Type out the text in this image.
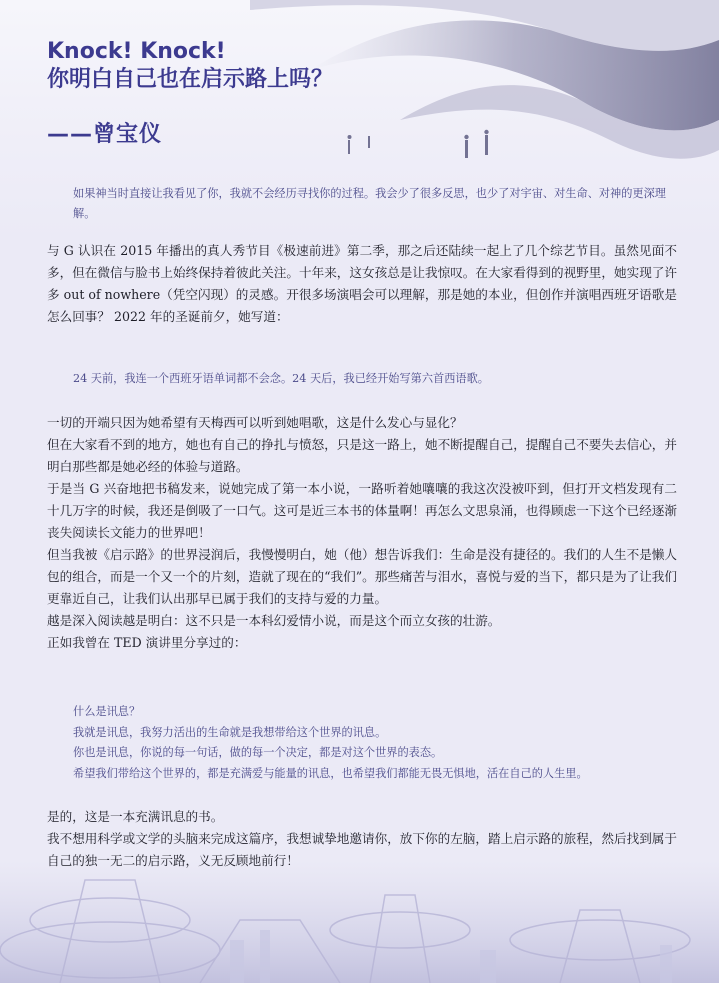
Knock! Knock!

你明白自己也在启示路上吗？

——曾宝仪
如果神当时直接让我看见了你，我就不会经历寻找你的过程。我会少了很多反思，也少了对宇宙、对生命、对神的更深理解。

与 G 认识在 2015 年播出的真人秀节目《极速前进》第二季，那之后还陆续一起上了几个综艺节目。虽然见面不多，但在微信与脸书上始终保持着彼此关注。十年来，这女孩总是让我惊叹。在大家看得到的视野里，她实现了许多 out of nowhere（凭空闪现）的灵感。开很多场演唱会可以理解，那是她的本业，但创作并演唱西班牙语歌是怎么回事？ 2022 年的圣诞前夕，她写道：

24 天前，我连一个西班牙语单词都不会念。24 天后，我已经开始写第六首西语歌。

一切的开端只因为她希望有天梅西可以听到她唱歌，这是什么发心与显化？

但在大家看不到的地方，她也有自己的挣扎与愤怒，只是这一路上，她不断提醒自己，提醒自己不要失去信心，并明白那些都是她必经的体验与道路。

于是当 G 兴奋地把书稿发来，说她完成了第一本小说，一路听着她嚷嚷的我这次没被吓到，但打开文档发现有二十几万字的时候，我还是倒吸了一口气。这可是近三本书的体量啊！再怎么文思泉涌，也得顾虑一下这个已经逐渐丧失阅读长文能力的世界吧！

但当我被《启示路》的世界浸润后，我慢慢明白，她（他）想告诉我们：生命是没有捷径的。我们的人生不是懒人包的组合，而是一个又一个的片刻，造就了现在的“我们”。那些痛苦与泪水，喜悦与爱的当下，都只是为了让我们更靠近自己，让我们认出那早已属于我们的支持与爱的力量。

越是深入阅读越是明白：这不只是一本科幻爱情小说，而是这个而立女孩的壮游。

正如我曾在 TED 演讲里分享过的：

什么是讯息？

我就是讯息，我努力活出的生命就是我想带给这个世界的讯息。

你也是讯息，你说的每一句话，做的每一个决定，都是对这个世界的表态。

希望我们带给这个世界的，都是充满爱与能量的讯息，也希望我们都能无畏无惧地，活在自己的人生里。

是的，这是一本充满讯息的书。

我不想用科学或文学的头脑来完成这篇序，我想诚挚地邀请你，放下你的左脑，踏上启示路的旅程，然后找到属于自己的独一无二的启示路，义无反顾地前行！
